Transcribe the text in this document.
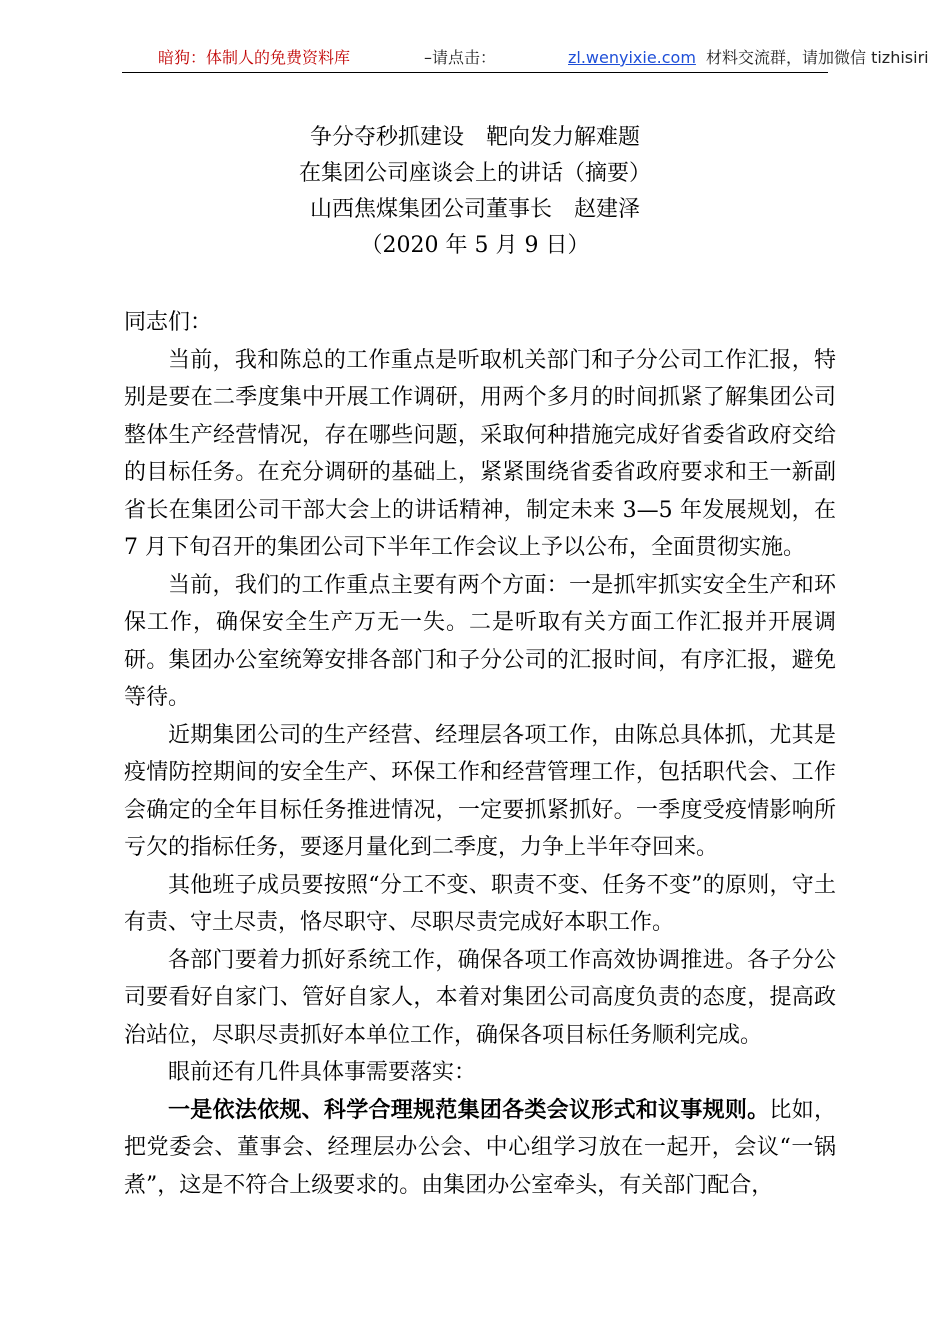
暗狗：体制人的免费资料库	–请点击：	zl.wenyixie.com 材料交流群，请加微信 tizhisiri
争分夺秒抓建设　靶向发力解难题
在集团公司座谈会上的讲话（摘要）
山西焦煤集团公司董事长　赵建泽
（2020 年 5 月 9 日）

同志们：

当前，我和陈总的工作重点是听取机关部门和子分公司工作汇报，特别是要在二季度集中开展工作调研，用两个多月的时间抓紧了解集团公司整体生产经营情况，存在哪些问题，采取何种措施完成好省委省政府交给的目标任务。在充分调研的基础上，紧紧围绕省委省政府要求和王一新副省长在集团公司干部大会上的讲话精神，制定未来 3—5 年发展规划，在 7 月下旬召开的集团公司下半年工作会议上予以公布，全面贯彻实施。

当前，我们的工作重点主要有两个方面：一是抓牢抓实安全生产和环保工作，确保安全生产万无一失。二是听取有关方面工作汇报并开展调研。集团办公室统筹安排各部门和子分公司的汇报时间，有序汇报，避免等待。

近期集团公司的生产经营、经理层各项工作，由陈总具体抓，尤其是疫情防控期间的安全生产、环保工作和经营管理工作，包括职代会、工作会确定的全年目标任务推进情况，一定要抓紧抓好。一季度受疫情影响所亏欠的指标任务，要逐月量化到二季度，力争上半年夺回来。

其他班子成员要按照“分工不变、职责不变、任务不变”的原则，守土有责、守土尽责，恪尽职守、尽职尽责完成好本职工作。

各部门要着力抓好系统工作，确保各项工作高效协调推进。各子分公司要看好自家门、管好自家人，本着对集团公司高度负责的态度，提高政治站位，尽职尽责抓好本单位工作，确保各项目标任务顺利完成。

眼前还有几件具体事需要落实：

一是依法依规、科学合理规范集团各类会议形式和议事规则。比如，把党委会、董事会、经理层办公会、中心组学习放在一起开，会议“一锅煮”，这是不符合上级要求的。由集团办公室牵头，有关部门配合，
